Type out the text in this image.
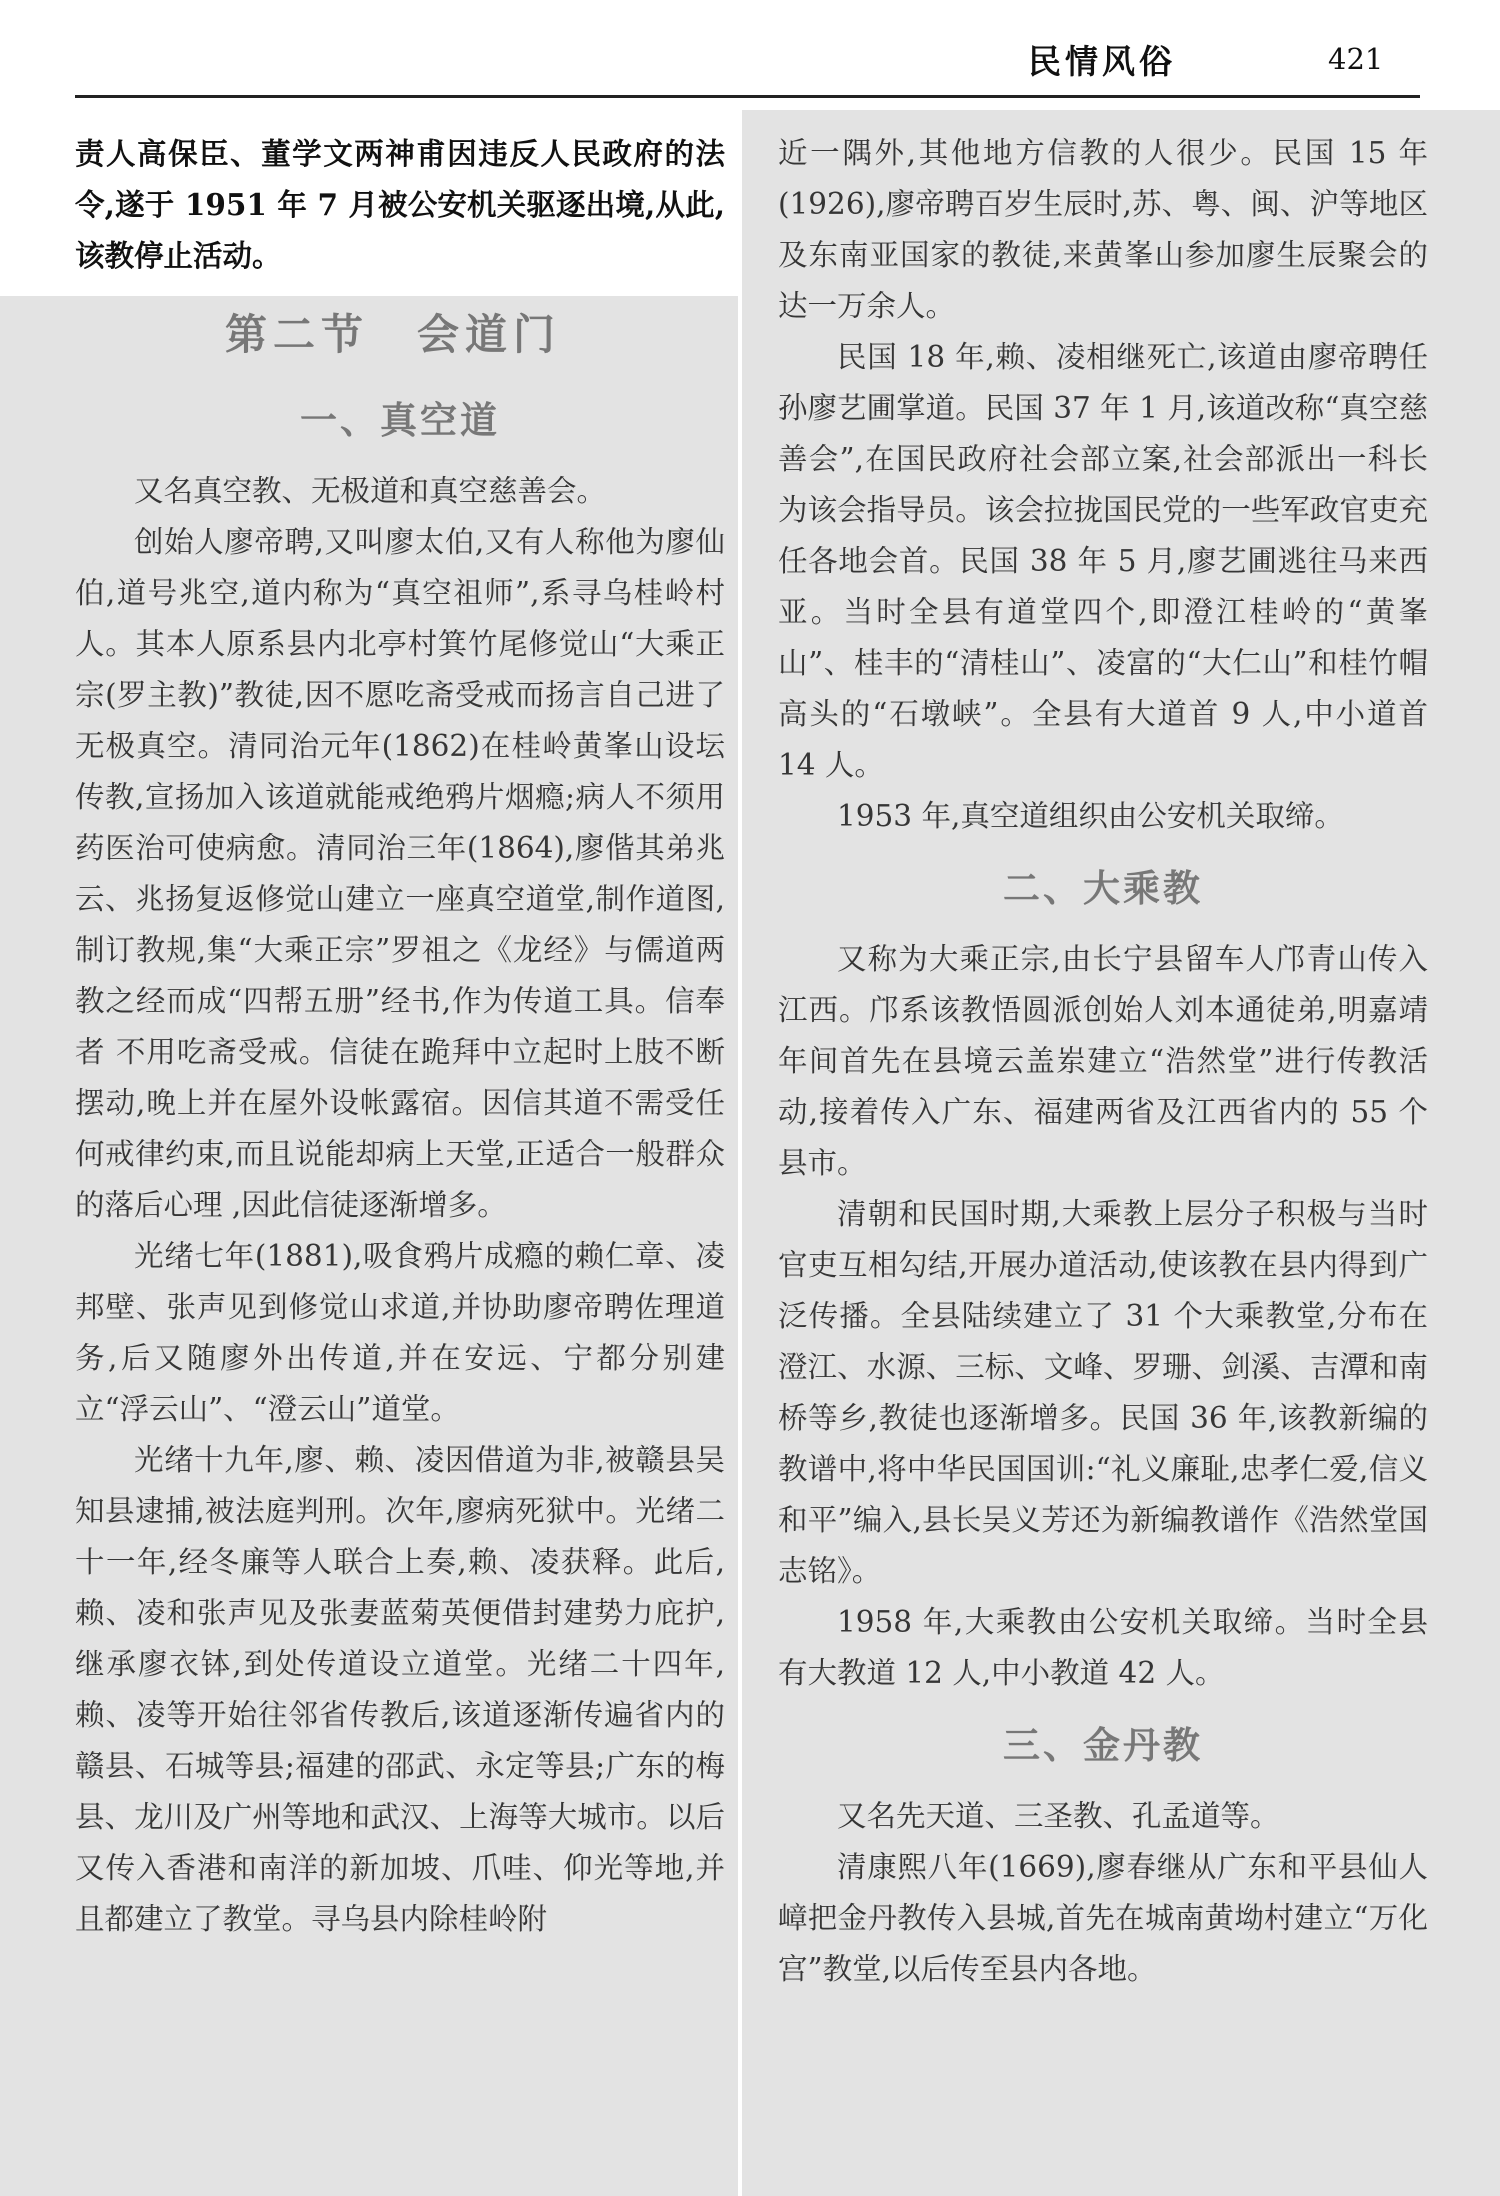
民情风俗	421

责人高保臣、董学文两神甫因违反人民政府的法令,遂于 1951 年 7 月被公安机关驱逐出境,从此,该教停止活动。

第二节　会道门
一、真空道

又名真空教、无极道和真空慈善会。

创始人廖帝聘,又叫廖太伯,又有人称他为廖仙伯,道号兆空,道内称为“真空祖师”,系寻乌桂岭村人。其本人原系县内北亭村箕竹尾修觉山“大乘正宗(罗主教)”教徒,因不愿吃斋受戒而扬言自己进了无极真空。清同治元年(1862)在桂岭黄峯山设坛传教,宣扬加入该道就能戒绝鸦片烟瘾;病人不须用药医治可使病愈。清同治三年(1864),廖偕其弟兆云、兆扬复返修觉山建立一座真空道堂,制作道图,制订教规,集“大乘正宗”罗祖之《龙经》与儒道两教之经而成“四帮五册”经书,作为传道工具。信奉者 不用吃斋受戒。信徒在跪拜中立起时上肢不断摆动,晚上并在屋外设帐露宿。因信其道不需受任何戒律约束,而且说能却病上天堂,正适合一般群众的落后心理 ,因此信徒逐渐增多。

光绪七年(1881),吸食鸦片成瘾的赖仁章、凌邦壁、张声见到修觉山求道,并协助廖帝聘佐理道务,后又随廖外出传道,并在安远、宁都分别建立“浮云山”、“澄云山”道堂。

光绪十九年,廖、赖、凌因借道为非,被赣县吴知县逮捕,被法庭判刑。次年,廖病死狱中。光绪二十一年,经冬廉等人联合上奏,赖、凌获释。此后,赖、凌和张声见及张妻蓝菊英便借封建势力庇护,继承廖衣钵,到处传道设立道堂。光绪二十四年,赖、凌等开始往邻省传教后,该道逐渐传遍省内的赣县、石城等县;福建的邵武、永定等县;广东的梅县、龙川及广州等地和武汉、上海等大城市。以后又传入香港和南洋的新加坡、爪哇、仰光等地,并且都建立了教堂。寻乌县内除桂岭附

近一隅外,其他地方信教的人很少。民国 15 年(1926),廖帝聘百岁生辰时,苏、粤、闽、沪等地区及东南亚国家的教徒,来黄峯山参加廖生辰聚会的达一万余人。

民国 18 年,赖、凌相继死亡,该道由廖帝聘任孙廖艺圃掌道。民国 37 年 1 月,该道改称“真空慈善会”,在国民政府社会部立案,社会部派出一科长为该会指导员。该会拉拢国民党的一些军政官吏充任各地会首。民国 38 年 5 月,廖艺圃逃往马来西亚。当时全县有道堂四个,即澄江桂岭的“黄峯山”、桂丰的“清桂山”、凌富的“大仁山”和桂竹帽高头的“石墩峡”。全县有大道首 9 人,中小道首 14 人。

1953 年,真空道组织由公安机关取缔。

二、大乘教

又称为大乘正宗,由长宁县留车人邝青山传入江西。邝系该教悟圆派创始人刘本通徒弟,明嘉靖年间首先在县境云盖岽建立“浩然堂”进行传教活动,接着传入广东、福建两省及江西省内的 55 个县市。

清朝和民国时期,大乘教上层分子积极与当时官吏互相勾结,开展办道活动,使该教在县内得到广泛传播。全县陆续建立了 31 个大乘教堂,分布在澄江、水源、三标、文峰、罗珊、剑溪、吉潭和南桥等乡,教徒也逐渐增多。民国 36 年,该教新编的教谱中,将中华民国国训:“礼义廉耻,忠孝仁爱,信义和平”编入,县长吴义芳还为新编教谱作《浩然堂国志铭》。

1958 年,大乘教由公安机关取缔。当时全县有大教道 12 人,中小教道 42 人。

三、金丹教

又名先天道、三圣教、孔孟道等。

清康熙八年(1669),廖春继从广东和平县仙人嶂把金丹教传入县城,首先在城南黄坳村建立“万化宫”教堂,以后传至县内各地。
